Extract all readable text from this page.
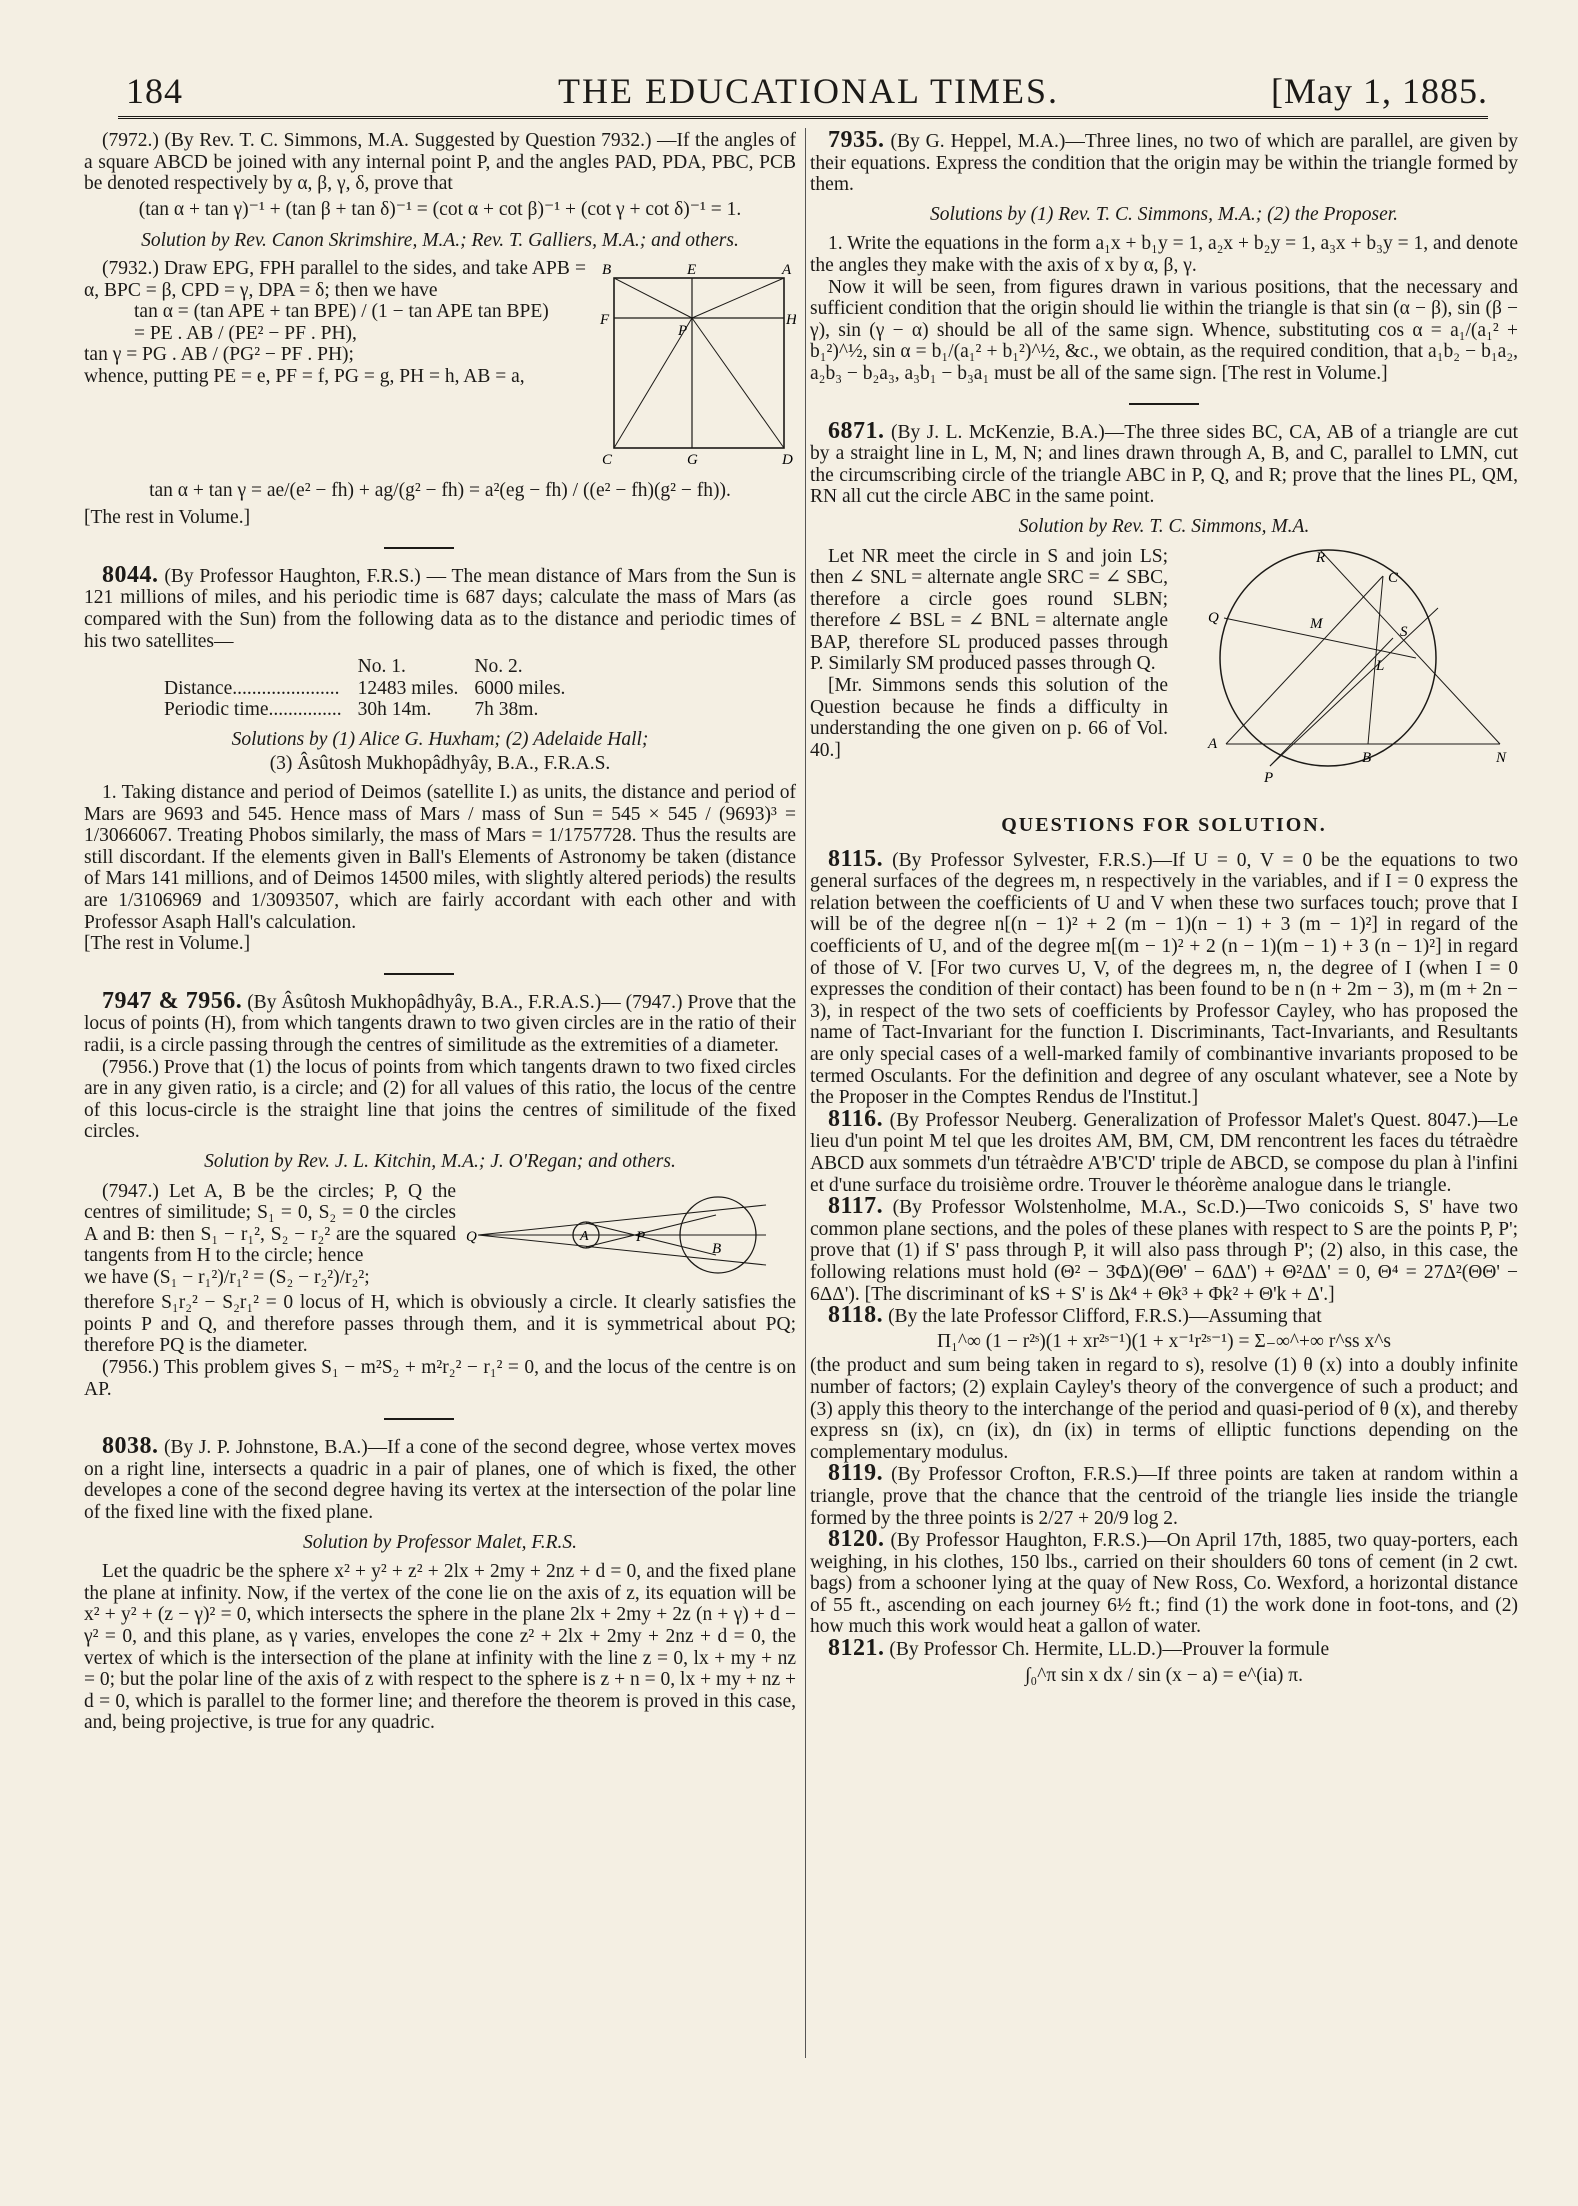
184	THE EDUCATIONAL TIMES.	[May 1, 1885.

(7972.) (By Rev. T. C. Simmons, M.A. Suggested by Question 7932.) —If the angles of a square ABCD be joined with any internal point P, and the angles PAD, PDA, PBC, PCB be denoted respectively by α, β, γ, δ, prove that

(tan α + tan γ)⁻¹ + (tan β + tan δ)⁻¹ = (cot α + cot β)⁻¹ + (cot γ + cot δ)⁻¹ = 1.

Solution by Rev. Canon Skrimshire, M.A.; Rev. T. Galliers, M.A.; and others.

B	E	A
F
P
H
C	G	D

(7932.) Draw EPG, FPH parallel to the sides, and take APB = α, BPC = β, CPD = γ, DPA = δ; then we have

tan α = (tan APE + tan BPE) / (1 − tan APE tan BPE)

= PE . AB / (PE² − PF . PH),

tan γ = PG . AB / (PG² − PF . PH);

whence, putting PE = e, PF = f, PG = g, PH = h, AB = a,

tan α + tan γ = ae/(e² − fh) + ag/(g² − fh) = a²(eg − fh) / ((e² − fh)(g² − fh)).

[The rest in Volume.]

8044. (By Professor Haughton, F.R.S.) — The mean distance of Mars from the Sun is 121 millions of miles, and his periodic time is 687 days; calculate the mass of Mars (as compared with the Sun) from the following data as to the distance and periodic times of his two satellites—

	No. 1.	No. 2.
Distance......................	12483 miles.	6000 miles.
Periodic time...............	30h 14m.	7h 38m.

Solutions by (1) Alice G. Huxham; (2) Adelaide Hall;

(3) Âsûtosh Mukhopâdhyây, B.A., F.R.A.S.

1. Taking distance and period of Deimos (satellite I.) as units, the distance and period of Mars are 9693 and 545. Hence mass of Mars / mass of Sun = 545 × 545 / (9693)³ = 1/3066067. Treating Phobos similarly, the mass of Mars = 1/1757728. Thus the results are still discordant. If the elements given in Ball's Elements of Astronomy be taken (distance of Mars 141 millions, and of Deimos 14500 miles, with slightly altered periods) the results are 1/3106969 and 1/3093507, which are fairly accordant with each other and with Professor Asaph Hall's calculation.

[The rest in Volume.]

7947 & 7956. (By Âsûtosh Mukhopâdhyây, B.A., F.R.A.S.)— (7947.) Prove that the locus of points (H), from which tangents drawn to two given circles are in the ratio of their radii, is a circle passing through the centres of similitude as the extremities of a diameter.

(7956.) Prove that (1) the locus of points from which tangents drawn to two fixed circles are in any given ratio, is a circle; and (2) for all values of this ratio, the locus of the centre of this locus-circle is the straight line that joins the centres of similitude of the fixed circles.

Solution by Rev. J. L. Kitchin, M.A.; J. O'Regan; and others.

Q	A	P
B

(7947.) Let A, B be the circles; P, Q the centres of similitude; S₁ = 0, S₂ = 0 the circles A and B: then S₁ − r₁², S₂ − r₂² are the squared tangents from H to the circle; hence

we have (S₁ − r₁²)/r₁² = (S₂ − r₂²)/r₂²;

therefore S₁r₂² − S₂r₁² = 0 locus of H, which is obviously a circle. It clearly satisfies the points P and Q, and therefore passes through them, and it is symmetrical about PQ; therefore PQ is the diameter.

(7956.) This problem gives S₁ − m²S₂ + m²r₂² − r₁² = 0, and the locus of the centre is on AP.

8038. (By J. P. Johnstone, B.A.)—If a cone of the second degree, whose vertex moves on a right line, intersects a quadric in a pair of planes, one of which is fixed, the other developes a cone of the second degree having its vertex at the intersection of the polar line of the fixed line with the fixed plane.

Solution by Professor Malet, F.R.S.

Let the quadric be the sphere x² + y² + z² + 2lx + 2my + 2nz + d = 0, and the fixed plane the plane at infinity. Now, if the vertex of the cone lie on the axis of z, its equation will be x² + y² + (z − γ)² = 0, which intersects the sphere in the plane 2lx + 2my + 2z (n + γ) + d − γ² = 0, and this plane, as γ varies, envelopes the cone z² + 2lx + 2my + 2nz + d = 0, the vertex of which is the intersection of the plane at infinity with the line z = 0, lx + my + nz = 0; but the polar line of the axis of z with respect to the sphere is z + n = 0, lx + my + nz + d = 0, which is parallel to the former line; and therefore the theorem is proved in this case, and, being projective, is true for any quadric.

7935. (By G. Heppel, M.A.)—Three lines, no two of which are parallel, are given by their equations. Express the condition that the origin may be within the triangle formed by them.

Solutions by (1) Rev. T. C. Simmons, M.A.; (2) the Proposer.

1. Write the equations in the form a₁x + b₁y = 1, a₂x + b₂y = 1, a₃x + b₃y = 1, and denote the angles they make with the axis of x by α, β, γ.

Now it will be seen, from figures drawn in various positions, that the necessary and sufficient condition that the origin should lie within the triangle is that sin (α − β), sin (β − γ), sin (γ − α) should be all of the same sign. Whence, substituting cos α = a₁/(a₁² + b₁²)^½, sin α = b₁/(a₁² + b₁²)^½, &c., we obtain, as the required condition, that a₁b₂ − b₁a₂, a₂b₃ − b₂a₃, a₃b₁ − b₃a₁ must be all of the same sign. [The rest in Volume.]

6871. (By J. L. McKenzie, B.A.)—The three sides BC, CA, AB of a triangle are cut by a straight line in L, M, N; and lines drawn through A, B, and C, parallel to LMN, cut the circumscribing circle of the triangle ABC in P, Q, and R; prove that the lines PL, QM, RN all cut the circle ABC in the same point.

Solution by Rev. T. C. Simmons, M.A.

R
C
M	S
Q
L
A
B	N
P

Let NR meet the circle in S and join LS; then ∠ SNL = alternate angle SRC = ∠ SBC, therefore a circle goes round SLBN; therefore ∠ BSL = ∠ BNL = alternate angle BAP, therefore SL produced passes through P. Similarly SM produced passes through Q.

[Mr. Simmons sends this solution of the Question because he finds a difficulty in understanding the one given on p. 66 of Vol. 40.]

QUESTIONS FOR SOLUTION.

8115. (By Professor Sylvester, F.R.S.)—If U = 0, V = 0 be the equations to two general surfaces of the degrees m, n respectively in the variables, and if I = 0 express the relation between the coefficients of U and V when these two surfaces touch; prove that I will be of the degree n[(n − 1)² + 2 (m − 1)(n − 1) + 3 (m − 1)²] in regard of the coefficients of U, and of the degree m[(m − 1)² + 2 (n − 1)(m − 1) + 3 (n − 1)²] in regard of those of V. [For two curves U, V, of the degrees m, n, the degree of I (when I = 0 expresses the condition of their contact) has been found to be n (n + 2m − 3), m (m + 2n − 3), in respect of the two sets of coefficients by Professor Cayley, who has proposed the name of Tact-Invariant for the function I. Discriminants, Tact-Invariants, and Resultants are only special cases of a well-marked family of combinantive invariants proposed to be termed Osculants. For the definition and degree of any osculant whatever, see a Note by the Proposer in the Comptes Rendus de l'Institut.]

8116. (By Professor Neuberg. Generalization of Professor Malet's Quest. 8047.)—Le lieu d'un point M tel que les droites AM, BM, CM, DM rencontrent les faces du tétraèdre ABCD aux sommets d'un tétraèdre A'B'C'D' triple de ABCD, se compose du plan à l'infini et d'une surface du troisième ordre. Trouver le théorème analogue dans le triangle.

8117. (By Professor Wolstenholme, M.A., Sc.D.)—Two conicoids S, S' have two common plane sections, and the poles of these planes with respect to S are the points P, P'; prove that (1) if S' pass through P, it will also pass through P'; (2) also, in this case, the following relations must hold (Θ² − 3ΦΔ)(ΘΘ' − 6ΔΔ') + Θ²ΔΔ' = 0, Θ⁴ = 27Δ²(ΘΘ' − 6ΔΔ'). [The discriminant of kS + S' is Δk⁴ + Θk³ + Φk² + Θ'k + Δ'.]

8118. (By the late Professor Clifford, F.R.S.)—Assuming that

Π₁^∞ (1 − r²ˢ)(1 + xr²ˢ⁻¹)(1 + x⁻¹r²ˢ⁻¹) = Σ₋∞^+∞ r^ss x^s

(the product and sum being taken in regard to s), resolve (1) θ (x) into a doubly infinite number of factors; (2) explain Cayley's theory of the convergence of such a product; and (3) apply this theory to the interchange of the period and quasi-period of θ (x), and thereby express sn (ix), cn (ix), dn (ix) in terms of elliptic functions depending on the complementary modulus.

8119. (By Professor Crofton, F.R.S.)—If three points are taken at random within a triangle, prove that the chance that the centroid of the triangle lies inside the triangle formed by the three points is 2/27 + 20/9 log 2.

8120. (By Professor Haughton, F.R.S.)—On April 17th, 1885, two quay-porters, each weighing, in his clothes, 150 lbs., carried on their shoulders 60 tons of cement (in 2 cwt. bags) from a schooner lying at the quay of New Ross, Co. Wexford, a horizontal distance of 55 ft., ascending on each journey 6½ ft.; find (1) the work done in foot-tons, and (2) how much this work would heat a gallon of water.

8121. (By Professor Ch. Hermite, LL.D.)—Prouver la formule

∫₀^π sin x dx / sin (x − a) = e^(ia) π.
